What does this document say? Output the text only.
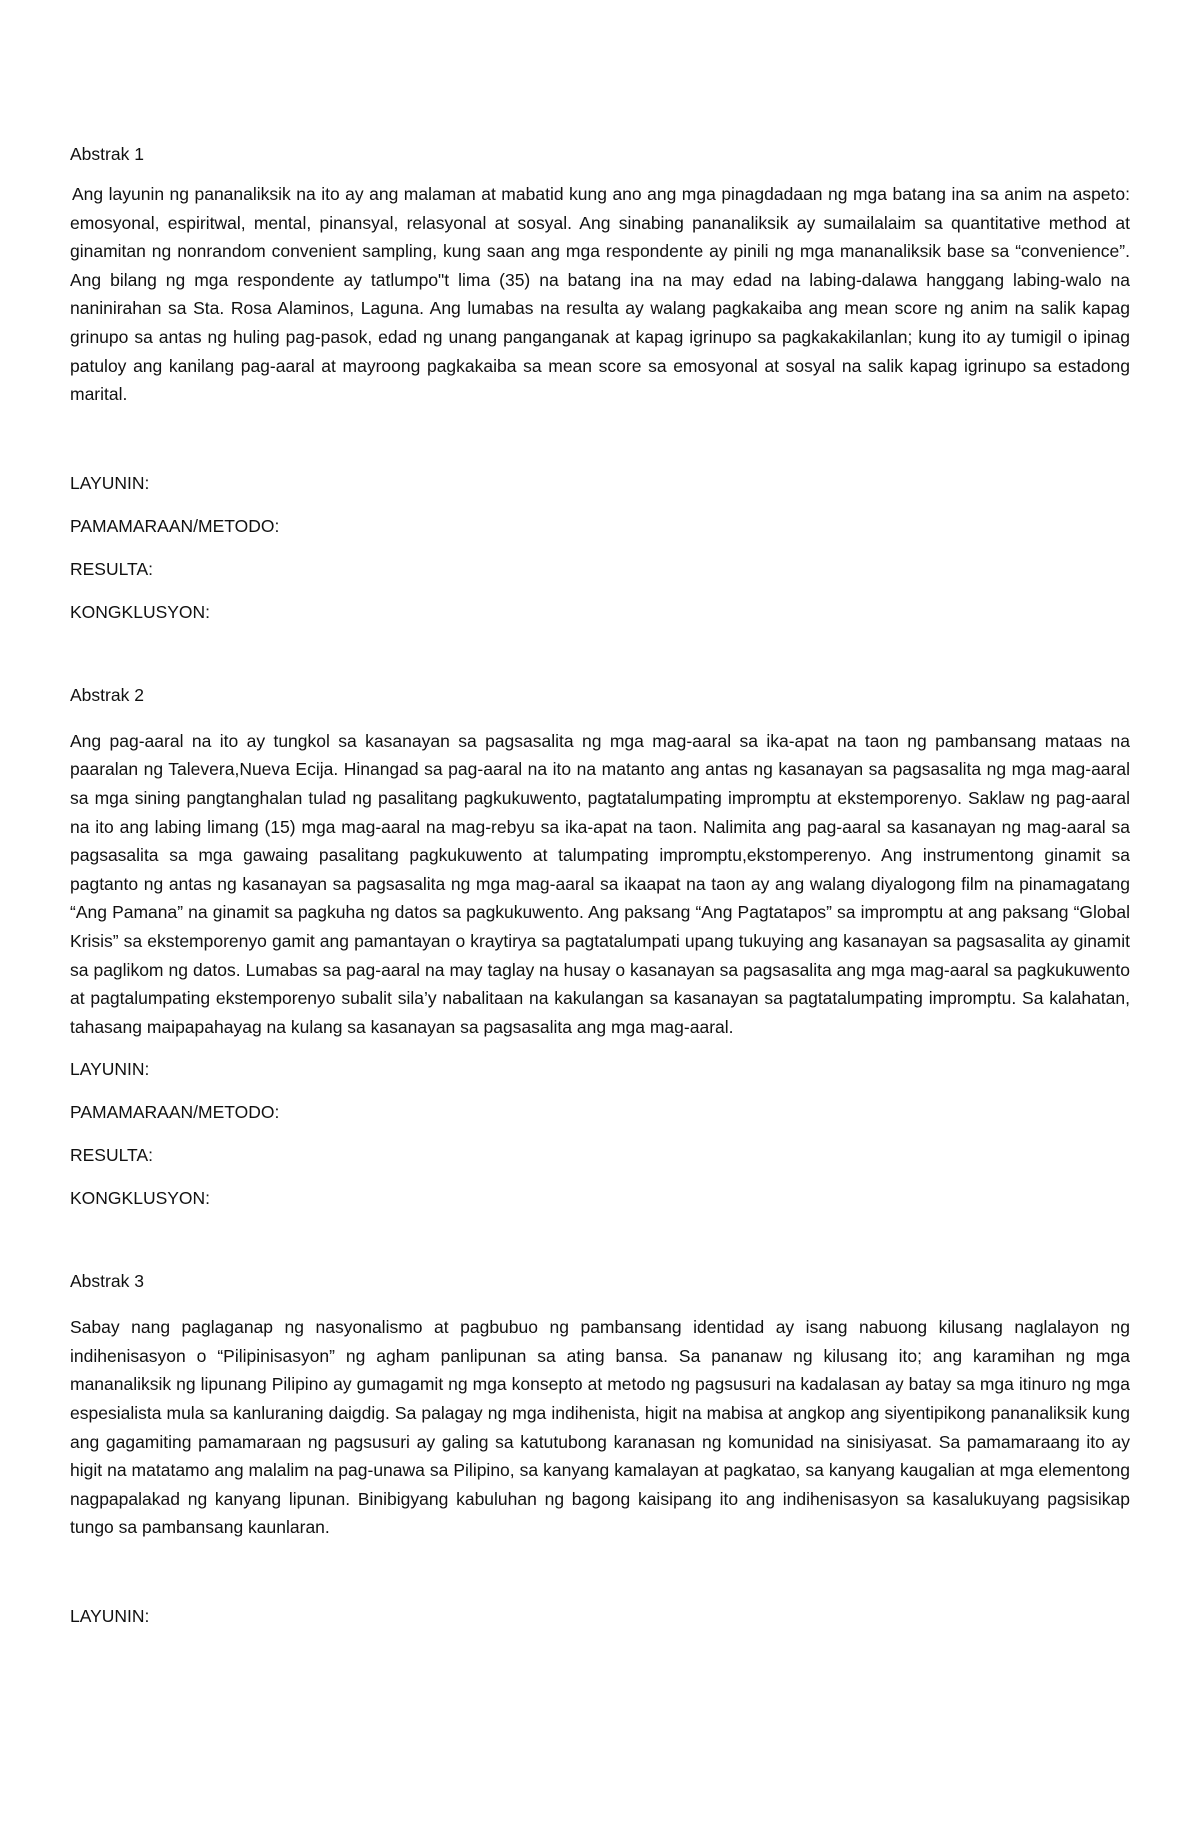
Abstrak 1

Ang layunin ng pananaliksik na ito ay ang malaman at mabatid kung ano ang mga pinagdadaan ng mga batang ina sa anim na aspeto: emosyonal, espiritwal, mental, pinansyal, relasyonal at sosyal. Ang sinabing pananaliksik ay sumailalaim sa quantitative method at ginamitan ng nonrandom convenient sampling, kung saan ang mga respondente ay pinili ng mga mananaliksik base sa “convenience”. Ang bilang ng mga respondente ay tatlumpo"t lima (35) na batang ina na may edad na labing-dalawa hanggang labing-walo na naninirahan sa Sta. Rosa Alaminos, Laguna. Ang lumabas na resulta ay walang pagkakaiba ang mean score ng anim na salik kapag grinupo sa antas ng huling pag-pasok, edad ng unang panganganak at kapag igrinupo sa pagkakakilanlan; kung ito ay tumigil o ipinag patuloy ang kanilang pag-aaral at mayroong pagkakaiba sa mean score sa emosyonal at sosyal na salik kapag igrinupo sa estadong marital.

LAYUNIN:

PAMAMARAAN/METODO:

RESULTA:

KONGKLUSYON:

Abstrak 2

Ang pag-aaral na ito ay tungkol sa kasanayan sa pagsasalita ng mga mag-aaral sa ika-apat na taon ng pambansang mataas na paaralan ng Talevera,Nueva Ecija. Hinangad sa pag-aaral na ito na matanto ang antas ng kasanayan sa pagsasalita ng mga mag-aaral sa mga sining pangtanghalan tulad ng pasalitang pagkukuwento, pagtatalumpating impromptu at ekstemporenyo. Saklaw ng pag-aaral na ito ang labing limang (15) mga mag-aaral na mag-rebyu sa ika-apat na taon. Nalimita ang pag-aaral sa kasanayan ng mag-aaral sa pagsasalita sa mga gawaing pasalitang pagkukuwento at talumpating impromptu,ekstomperenyo. Ang instrumentong ginamit sa pagtanto ng antas ng kasanayan sa pagsasalita ng mga mag-aaral sa ikaapat na taon ay ang walang diyalogong film na pinamagatang “Ang Pamana” na ginamit sa pagkuha ng datos sa pagkukuwento. Ang paksang “Ang Pagtatapos” sa impromptu at ang paksang “Global Krisis” sa ekstemporenyo gamit ang pamantayan o kraytirya sa pagtatalumpati upang tukuying ang kasanayan sa pagsasalita ay ginamit sa paglikom ng datos. Lumabas sa pag-aaral na may taglay na husay o kasanayan sa pagsasalita ang mga mag-aaral sa pagkukuwento at pagtalumpating ekstemporenyo subalit sila’y nabalitaan na kakulangan sa kasanayan sa pagtatalumpating impromptu. Sa kalahatan, tahasang maipapahayag na kulang sa kasanayan sa pagsasalita ang mga mag-aaral.

LAYUNIN:

PAMAMARAAN/METODO:

RESULTA:

KONGKLUSYON:

Abstrak 3

Sabay nang paglaganap ng nasyonalismo at pagbubuo ng pambansang identidad ay isang nabuong kilusang naglalayon ng indihenisasyon o “Pilipinisasyon” ng agham panlipunan sa ating bansa. Sa pananaw ng kilusang ito; ang karamihan ng mga mananaliksik ng lipunang Pilipino ay gumagamit ng mga konsepto at metodo ng pagsusuri na kadalasan ay batay sa mga itinuro ng mga espesialista mula sa kanluraning daigdig. Sa palagay ng mga indihenista, higit na mabisa at angkop ang siyentipikong pananaliksik kung ang gagamiting pamamaraan ng pagsusuri ay galing sa katutubong karanasan ng komunidad na sinisiyasat. Sa pamamaraang ito ay higit na matatamo ang malalim na pag-unawa sa Pilipino, sa kanyang kamalayan at pagkatao, sa kanyang kaugalian at mga elementong nagpapalakad ng kanyang lipunan. Binibigyang kabuluhan ng bagong kaisipang ito ang indihenisasyon sa kasalukuyang pagsisikap tungo sa pambansang kaunlaran.

LAYUNIN:
